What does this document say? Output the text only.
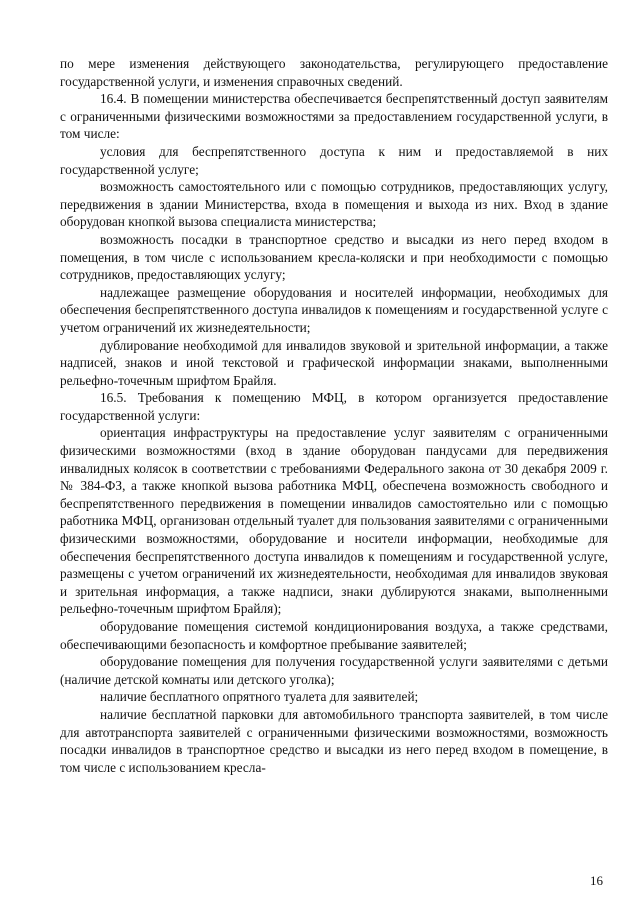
по мере изменения действующего законодательства, регулирующего предоставление государственной услуги, и изменения справочных сведений.

16.4. В помещении министерства обеспечивается беспрепятственный доступ заявителям с ограниченными физическими возможностями за предоставлением государственной услуги, в том числе:

условия для беспрепятственного доступа к ним и предоставляемой в них государственной услуге;

возможность самостоятельного или с помощью сотрудников, предоставляющих услугу, передвижения в здании Министерства, входа в помещения и выхода из них. Вход в здание оборудован кнопкой вызова специалиста министерства;

возможность посадки в транспортное средство и высадки из него перед входом в помещения, в том числе с использованием кресла-коляски и при необходимости с помощью сотрудников, предоставляющих услугу;

надлежащее размещение оборудования и носителей информации, необходимых для обеспечения беспрепятственного доступа инвалидов к помещениям и государственной услуге с учетом ограничений их жизнедеятельности;

дублирование необходимой для инвалидов звуковой и зрительной информации, а также надписей, знаков и иной текстовой и графической информации знаками, выполненными рельефно-точечным шрифтом Брайля.

16.5. Требования к помещению МФЦ, в котором организуется предоставление государственной услуги:

ориентация инфраструктуры на предоставление услуг заявителям с ограниченными физическими возможностями (вход в здание оборудован пандусами для передвижения инвалидных колясок в соответствии с требованиями Федерального закона от 30 декабря 2009 г. № 384-ФЗ, а также кнопкой вызова работника МФЦ, обеспечена возможность свободного и беспрепятственного передвижения в помещении инвалидов самостоятельно или с помощью работника МФЦ, организован отдельный туалет для пользования заявителями с ограниченными физическими возможностями, оборудование и носители информации, необходимые для обеспечения беспрепятственного доступа инвалидов к помещениям и государственной услуге, размещены с учетом ограничений их жизнедеятельности, необходимая для инвалидов звуковая и зрительная информация, а также надписи, знаки дублируются знаками, выполненными рельефно-точечным шрифтом Брайля);

оборудование помещения системой кондиционирования воздуха, а также средствами, обеспечивающими безопасность и комфортное пребывание заявителей;

оборудование помещения для получения государственной услуги заявителями с детьми (наличие детской комнаты или детского уголка);

наличие бесплатного опрятного туалета для заявителей;

наличие бесплатной парковки для автомобильного транспорта заявителей, в том числе для автотранспорта заявителей с ограниченными физическими возможностями, возможность посадки инвалидов в транспортное средство и высадки из него перед входом в помещение, в том числе с использованием кресла-

16
